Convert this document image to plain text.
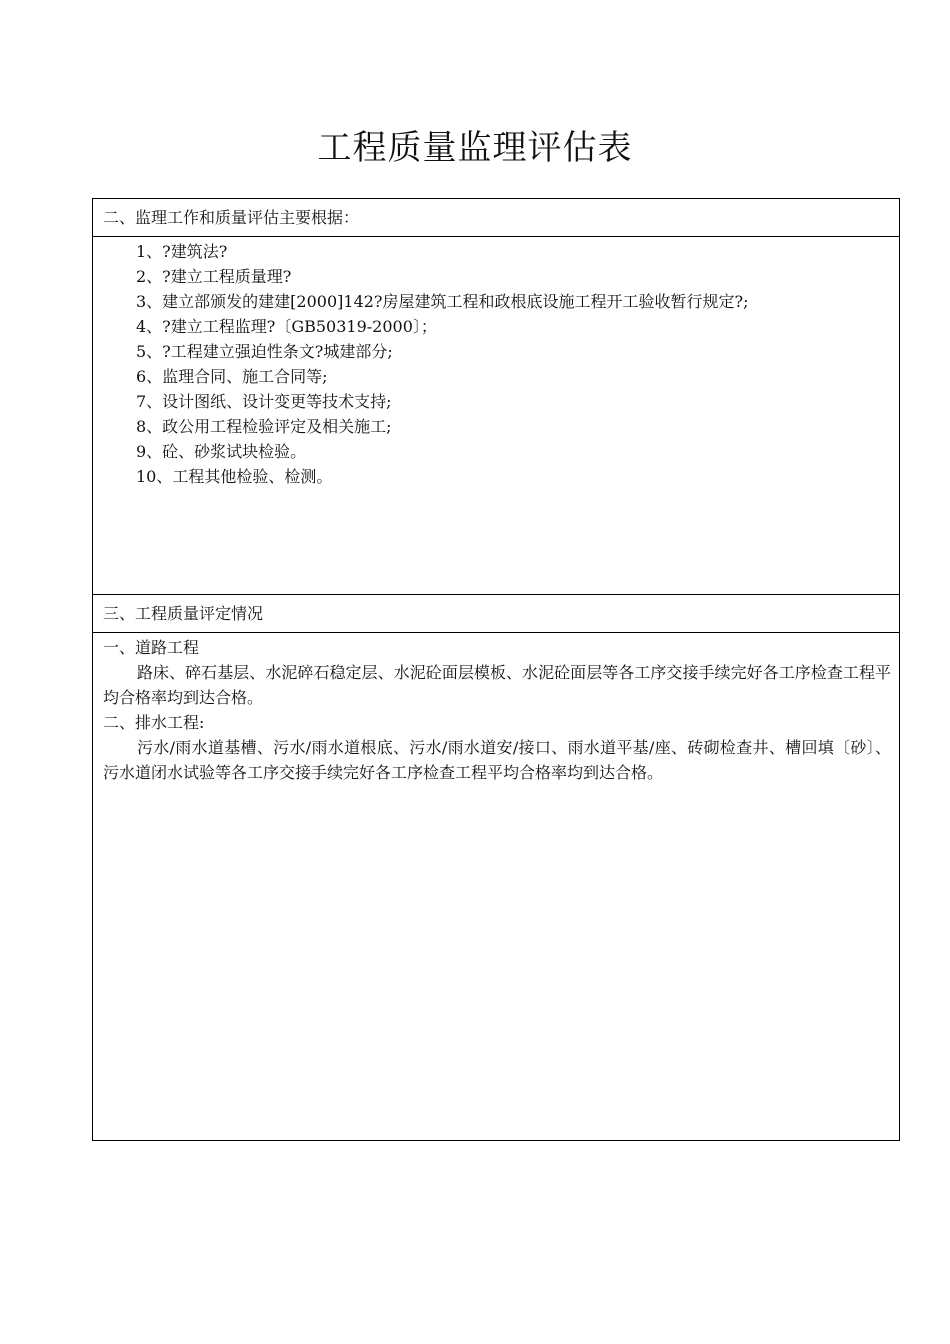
工程质量监理评估表
二、监理工作和质量评估主要根据：
1、?建筑法?
2、?建立工程质量理?
3、建立部颁发的建建[2000]142?房屋建筑工程和政根底设施工程开工验收暂行规定?;
4、?建立工程监理?〔GB50319-2000〕；
5、?工程建立强迫性条文?城建部分;
6、监理合同、施工合同等;
7、设计图纸、设计变更等技术支持;
8、政公用工程检验评定及相关施工;
9、砼、砂浆试块检验。
10、工程其他检验、检测。
三、工程质量评定情况
一、道路工程
路床、碎石基层、水泥碎石稳定层、水泥砼面层模板、水泥砼面层等各工序交接手续完好各工序检查工程平均合格率均到达合格。
二、排水工程:
污水/雨水道基槽、污水/雨水道根底、污水/雨水道安/接口、雨水道平基/座、砖砌检查井、槽回填〔砂〕、污水道闭水试验等各工序交接手续完好各工序检查工程平均合格率均到达合格。
